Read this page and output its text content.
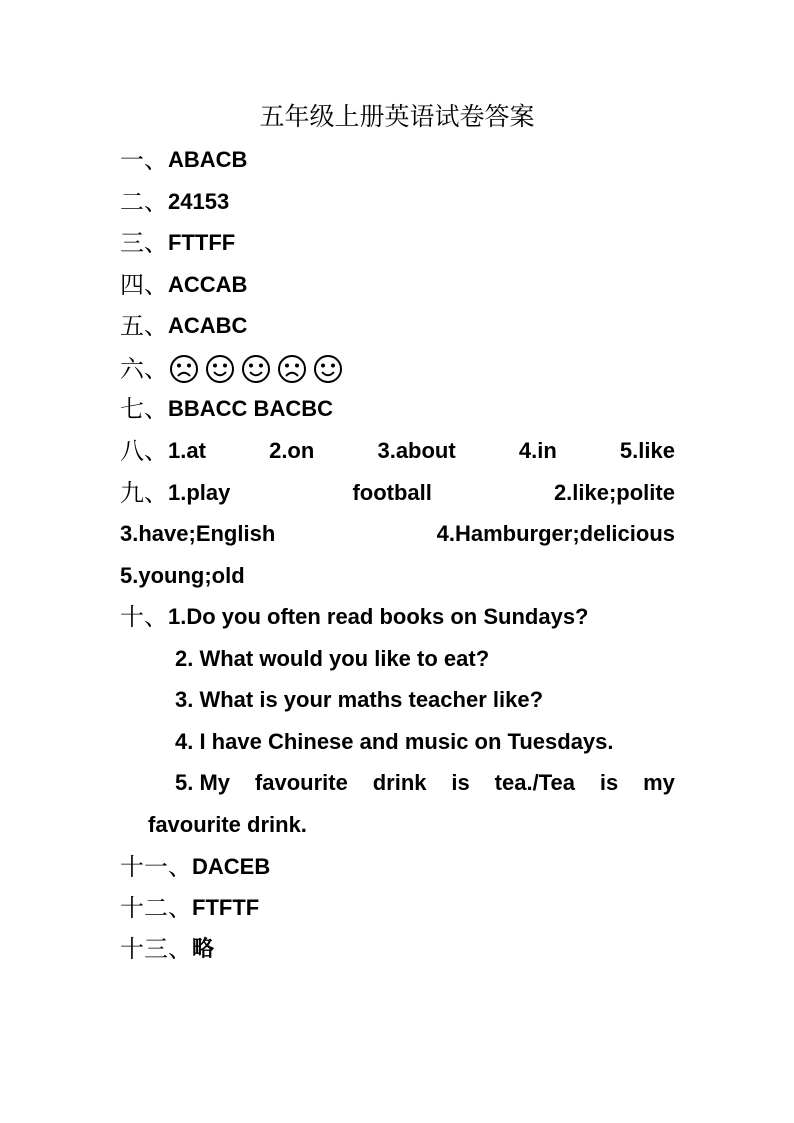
五年级上册英语试卷答案
一、ABACB
二、24153
三、FTTFF
四、ACCAB
五、ACABC
六、
七、BBACC BACBC
八、1.at	2.on	3.about	4.in	5.like
九、1.play	football	2.like;polite
3.have;English	4.Hamburger;delicious
5.young;old
十、1.Do you often read books on Sundays?
2. What would you like to eat?
3. What is your maths teacher like?
4. I have Chinese and music on Tuesdays.
5. My favourite drink is tea./Tea is my
favourite drink.
十一、DACEB
十二、FTFTF
十三、略
